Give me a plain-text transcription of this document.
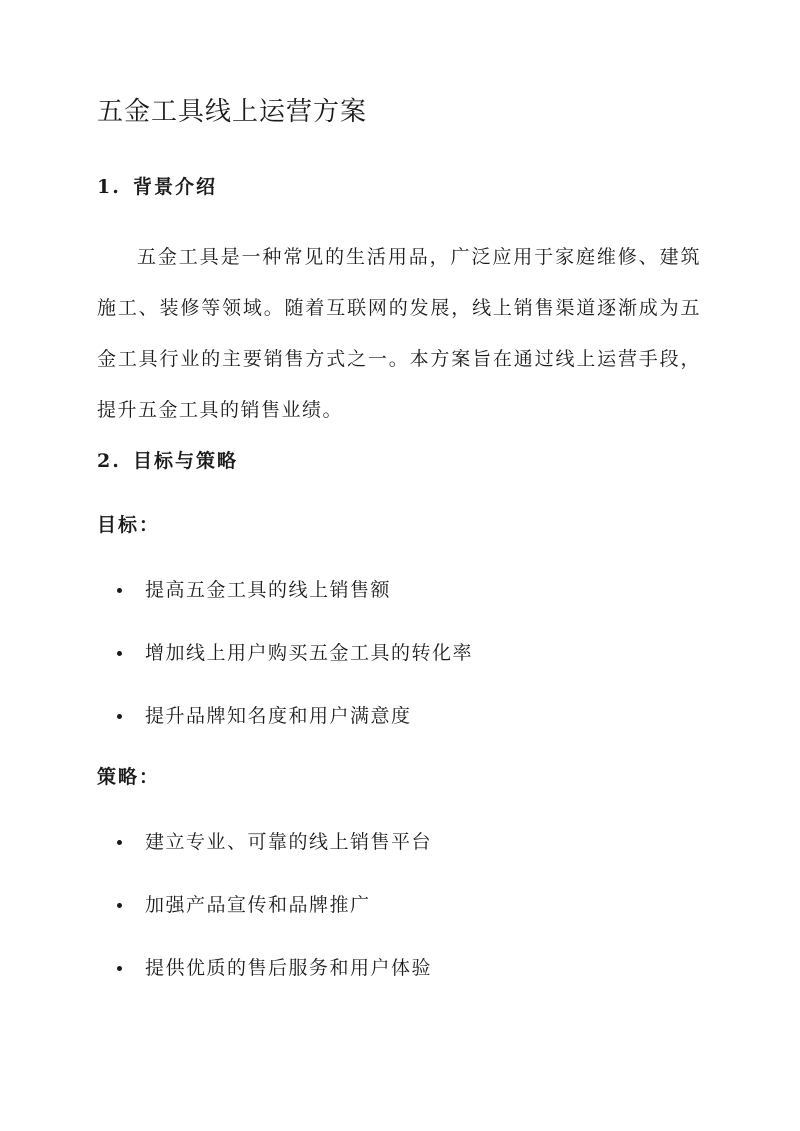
五金工具线上运营方案
1. 背景介绍

五金工具是一种常见的生活用品，广泛应用于家庭维修、建筑施工、装修等领域。随着互联网的发展，线上销售渠道逐渐成为五金工具行业的主要销售方式之一。本方案旨在通过线上运营手段，提升五金工具的销售业绩。

2. 目标与策略
目标：
提高五金工具的线上销售额
增加线上用户购买五金工具的转化率
提升品牌知名度和用户满意度
策略：
建立专业、可靠的线上销售平台
加强产品宣传和品牌推广
提供优质的售后服务和用户体验
